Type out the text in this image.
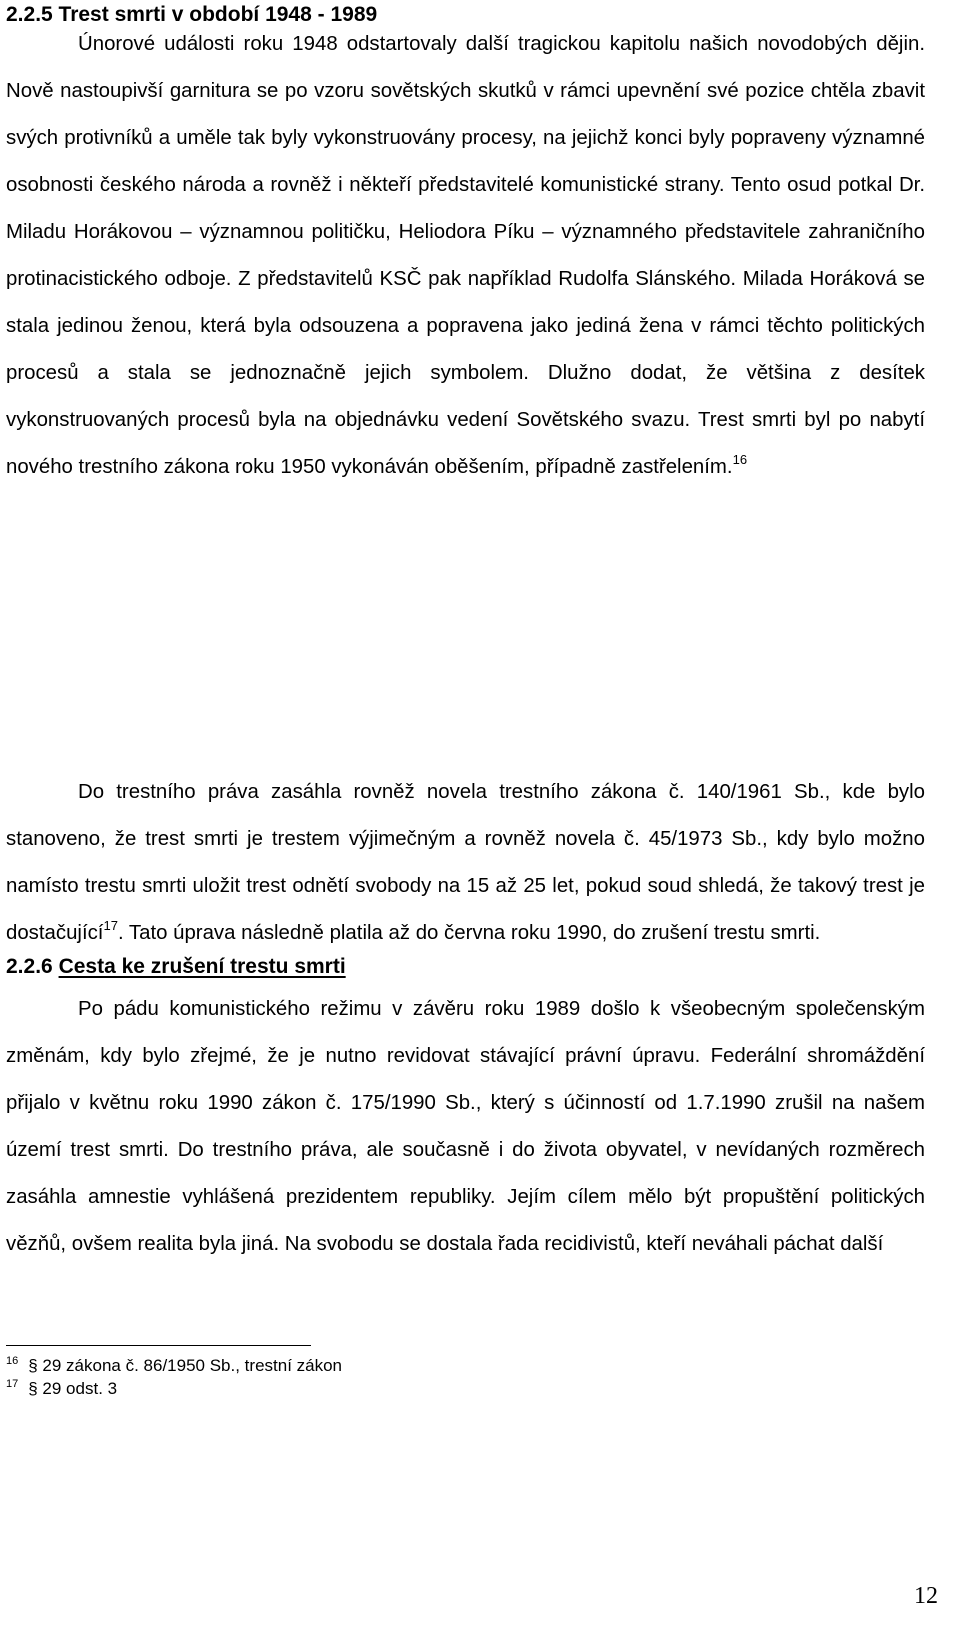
2.2.5 Trest smrti v období 1948 - 1989

Únorové události roku 1948 odstartovaly další tragickou kapitolu našich novodobých dějin. Nově nastoupivší garnitura se po vzoru sovětských skutků v rámci upevnění své pozice chtěla zbavit svých protivníků a uměle tak byly vykonstruovány procesy, na jejichž konci byly popraveny významné osobnosti českého národa a rovněž i někteří představitelé komunistické strany. Tento osud potkal Dr. Miladu Horákovou – významnou političku, Heliodora Píku – významného představitele zahraničního protinacistického odboje. Z představitelů KSČ pak například Rudolfa Slánského. Milada Horáková se stala jedinou ženou, která byla odsouzena a popravena jako jediná žena v rámci těchto politických procesů a stala se jednoznačně jejich symbolem. Dlužno dodat, že většina z desítek vykonstruovaných procesů byla na objednávku vedení Sovětského svazu. Trest smrti byl po nabytí nového trestního zákona roku 1950 vykonáván oběšením, případně zastřelením.$^{16}$

Do trestního práva zasáhla rovněž novela trestního zákona č. 140/1961 Sb., kde bylo stanoveno, že trest smrti je trestem výjimečným a rovněž novela č. 45/1973 Sb., kdy bylo možno namísto trestu smrti uložit trest odnětí svobody na 15 až 25 let, pokud soud shledá, že takový trest je dostačující$^{17}$. Tato úprava následně platila až do června roku 1990, do zrušení trestu smrti.

2.2.6 Cesta ke zrušení trestu smrti

Po pádu komunistického režimu v závěru roku 1989 došlo k všeobecným společenským změnám, kdy bylo zřejmé, že je nutno revidovat stávající právní úpravu. Federální shromáždění přijalo v květnu roku 1990 zákon č. 175/1990 Sb., který s účinností od 1.7.1990 zrušil na našem území trest smrti. Do trestního práva, ale současně i do života obyvatel, v nevídaných rozměrech zasáhla amnestie vyhlášená prezidentem republiky. Jejím cílem mělo být propuštění politických vězňů, ovšem realita byla jiná. Na svobodu se dostala řada recidivistů, kteří neváhali páchat další

$^{16}$ § 29 zákona č. 86/1950 Sb., trestní zákon
$^{17}$ § 29 odst. 3
12
